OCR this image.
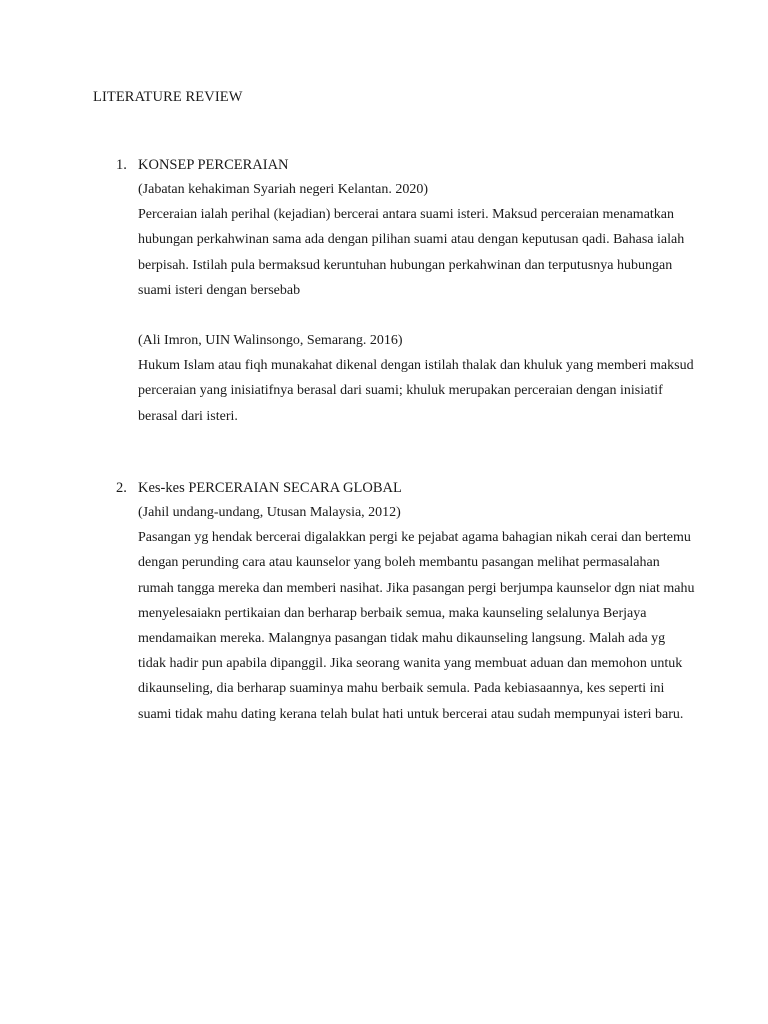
LITERATURE REVIEW
1. KONSEP PERCERAIAN
(Jabatan kehakiman Syariah negeri Kelantan. 2020)

Perceraian ialah perihal (kejadian) bercerai antara suami isteri. Maksud perceraian menamatkan hubungan perkahwinan sama ada dengan pilihan suami atau dengan keputusan qadi. Bahasa ialah berpisah. Istilah pula bermaksud keruntuhan hubungan perkahwinan dan terputusnya hubungan suami isteri dengan bersebab

(Ali Imron, UIN Walinsongo, Semarang. 2016)

Hukum Islam atau fiqh munakahat dikenal dengan istilah thalak dan khuluk yang memberi maksud perceraian yang inisiatifnya berasal dari suami; khuluk merupakan perceraian dengan inisiatif berasal dari isteri.

2. Kes-kes PERCERAIAN SECARA GLOBAL
(Jahil undang-undang, Utusan Malaysia, 2012)

Pasangan yg hendak bercerai digalakkan pergi ke pejabat agama bahagian nikah cerai dan bertemu dengan perunding cara atau kaunselor yang boleh membantu pasangan melihat permasalahan rumah tangga mereka dan memberi nasihat. Jika pasangan pergi berjumpa kaunselor dgn niat mahu menyelesaiakn pertikaian dan berharap berbaik semua, maka kaunseling selalunya Berjaya mendamaikan mereka. Malangnya pasangan tidak mahu dikaunseling langsung. Malah ada yg tidak hadir pun apabila dipanggil. Jika seorang wanita yang membuat aduan dan memohon untuk dikaunseling, dia berharap suaminya mahu berbaik semula. Pada kebiasaannya, kes seperti ini suami tidak mahu dating kerana telah bulat hati untuk bercerai atau sudah mempunyai isteri baru.
